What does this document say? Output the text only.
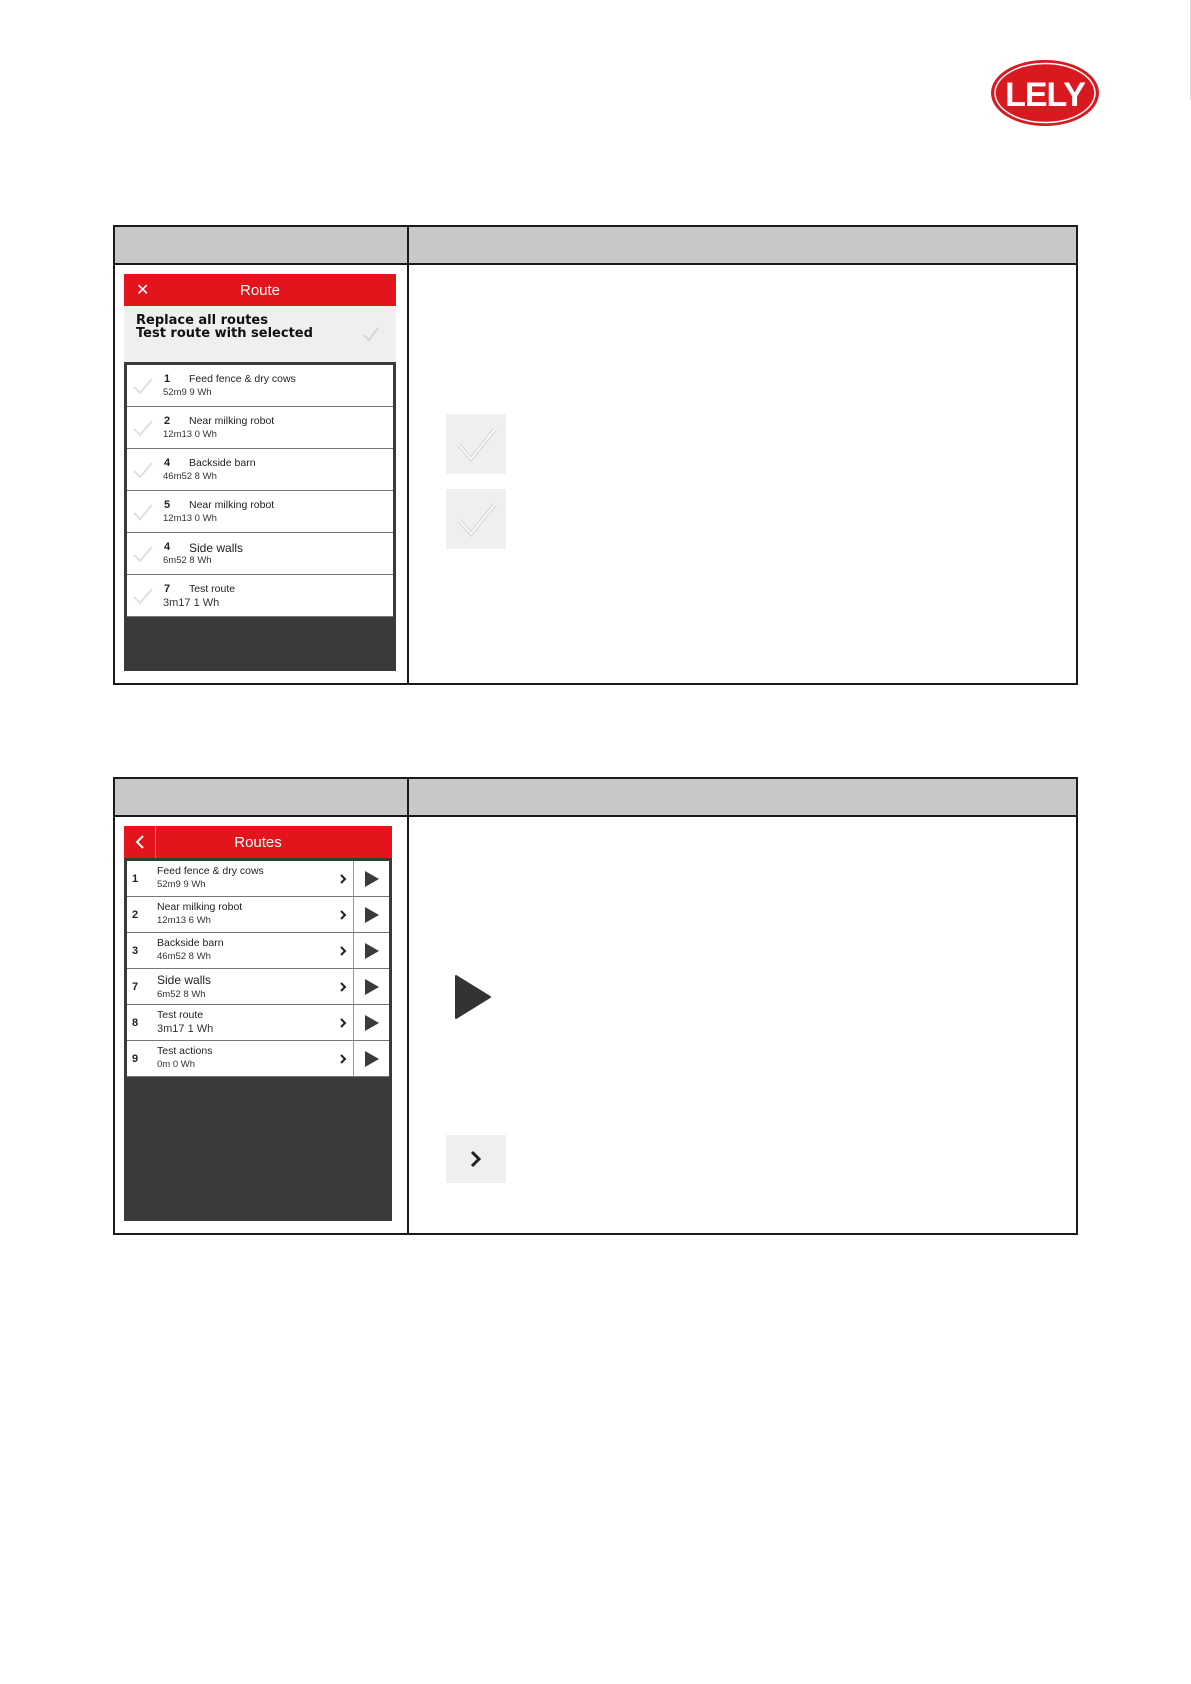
LELY
✕	Route
Replace all routes
Test route with selected
1 Feed fence & dry cows
52m9 9 Wh
2 Near milking robot
12m13 0 Wh
4 Backside barn
46m52 8 Wh
5 Near milking robot
12m13 0 Wh
4 Side walls
6m52 8 Wh
7 Test route
3m17 1 Wh
Routes
1
Feed fence & dry cows
52m9 9 Wh
2
Near milking robot
12m13 6 Wh
3
Backside barn
46m52 8 Wh
7	Side walls
6m52 8 Wh
8
Test route
3m17 1 Wh
9
Test actions
0m 0 Wh
